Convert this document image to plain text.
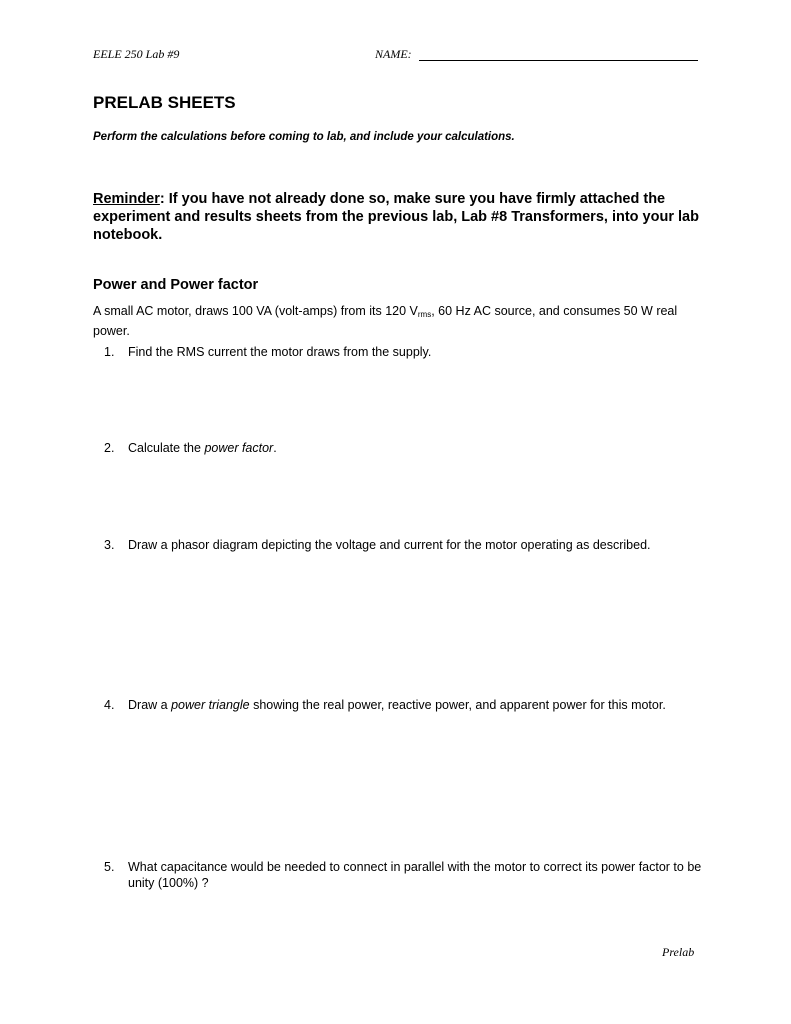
EELE 250 Lab #9	NAME:
PRELAB SHEETS
Perform the calculations before coming to lab, and include your calculations.
Reminder: If you have not already done so, make sure you have firmly attached the experiment and results sheets from the previous lab, Lab #8 Transformers, into your lab notebook.
Power and Power factor
A small AC motor, draws 100 VA (volt-amps) from its 120 $V_{rms}$, 60 Hz AC source, and consumes 50 W real power.
1. Find the RMS current the motor draws from the supply.
2. Calculate the power factor.
3. Draw a phasor diagram depicting the voltage and current for the motor operating as described.
4. Draw a power triangle showing the real power, reactive power, and apparent power for this motor.
5. What capacitance would be needed to connect in parallel with the motor to correct its power factor to be unity (100%) ?
Prelab
